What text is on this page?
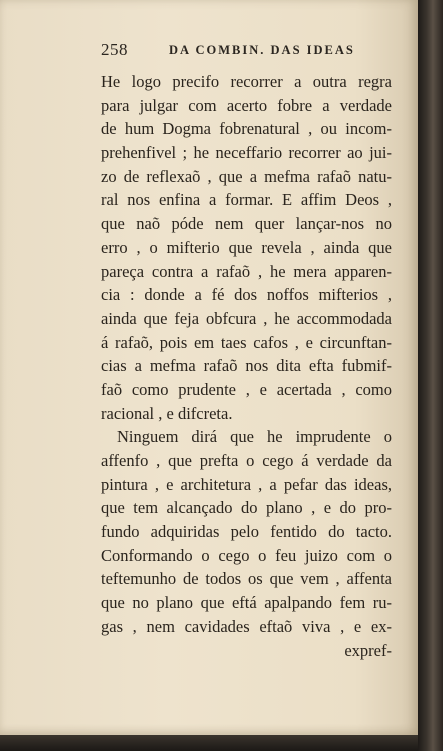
258	DA COMBIN. DAS IDEAS
He logo precifo recorrer a outra regra
para julgar com acerto fobre a verdade
de hum Dogma fobrenatural , ou incom-
prehenfivel ; he neceffario recorrer ao jui-
zo de reflexaõ , que a mefma rafaõ natu-
ral nos enfina a formar. E affim Deos ,
que naõ póde nem quer lançar-nos no
erro , o mifterio que revela , ainda que
pareça contra a rafaõ , he mera apparen-
cia : donde a fé dos noffos mifterios ,
ainda que feja obfcura , he accommodada
á rafaõ, pois em taes cafos , e circunftan-
cias a mefma rafaõ nos dita efta fubmif-
faõ como prudente , e acertada , como
racional , e difcreta.
Ninguem dirá que he imprudente o
affenfo , que prefta o cego á verdade da
pintura , e architetura , a pefar das ideas,
que tem alcançado do plano , e do pro-
fundo adquiridas pelo fentido do tacto.
Conformando o cego o feu juizo com o
teftemunho de todos os que vem , affenta
que no plano que eftá apalpando fem ru-
gas , nem cavidades eftaõ viva , e ex-
expref-
